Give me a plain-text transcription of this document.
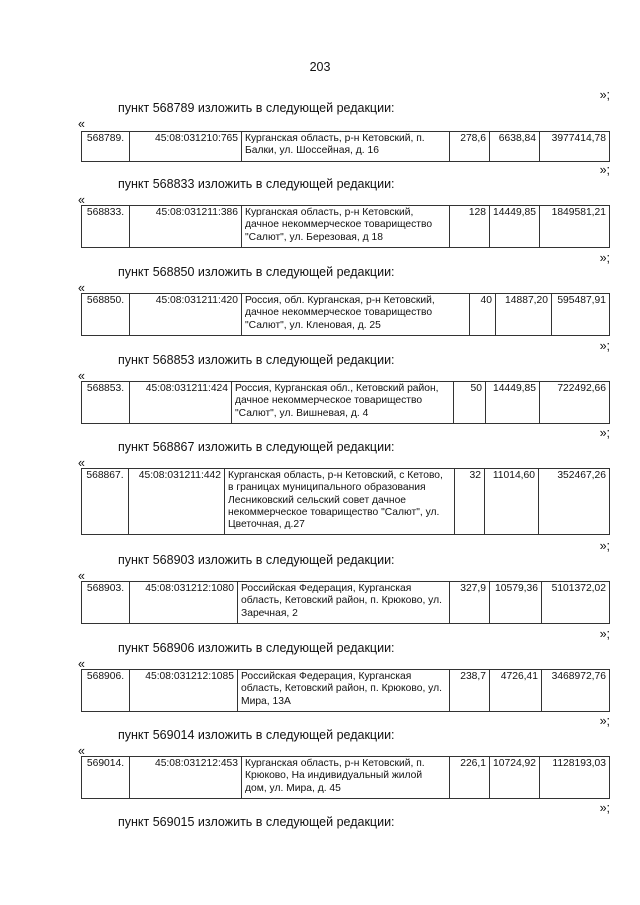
203
»;
пункт 568789 изложить в следующей редакции:
«
568789.	45:08:031210:765	Курганская область, р-н Кетовский, п. Балки, ул. Шоссейная, д. 16	278,6	6638,84	3977414,78
»;
пункт 568833 изложить в следующей редакции:
«
568833.	45:08:031211:386	Курганская область, р-н Кетовский, дачное некоммерческое товарищество "Салют", ул. Березовая, д 18	128	14449,85	1849581,21
»;
пункт 568850 изложить в следующей редакции:
«
568850.	45:08:031211:420	Россия, обл. Курганская, р-н Кетовский, дачное некоммерческое товарищество "Салют", ул. Кленовая, д. 25	40	14887,20	595487,91
»;
пункт 568853 изложить в следующей редакции:
«
568853.	45:08:031211:424	Россия, Курганская обл., Кетовский район, дачное некоммерческое товарищество "Салют", ул. Вишневая, д. 4	50	14449,85	722492,66
»;
пункт 568867 изложить в следующей редакции:
«
568867.	45:08:031211:442	Курганская область, р-н Кетовский, с Кетово, в границах муниципального образования Лесниковский сельский совет дачное некоммерческое товарищество "Салют", ул. Цветочная, д.27	32	11014,60	352467,26
»;
пункт 568903 изложить в следующей редакции:
«
568903.	45:08:031212:1080	Российская Федерация, Курганская область, Кетовский район, п. Крюково, ул. Заречная, 2	327,9	10579,36	5101372,02
»;
пункт 568906 изложить в следующей редакции:
«
568906.	45:08:031212:1085	Российская Федерация, Курганская область, Кетовский район, п. Крюково, ул. Мира, 13А	238,7	4726,41	3468972,76
»;
пункт 569014 изложить в следующей редакции:
«
569014.	45:08:031212:453	Курганская область, р-н Кетовский, п. Крюково, На индивидуальный жилой дом, ул. Мира, д. 45	226,1	10724,92	1128193,03
»;
пункт 569015 изложить в следующей редакции:
